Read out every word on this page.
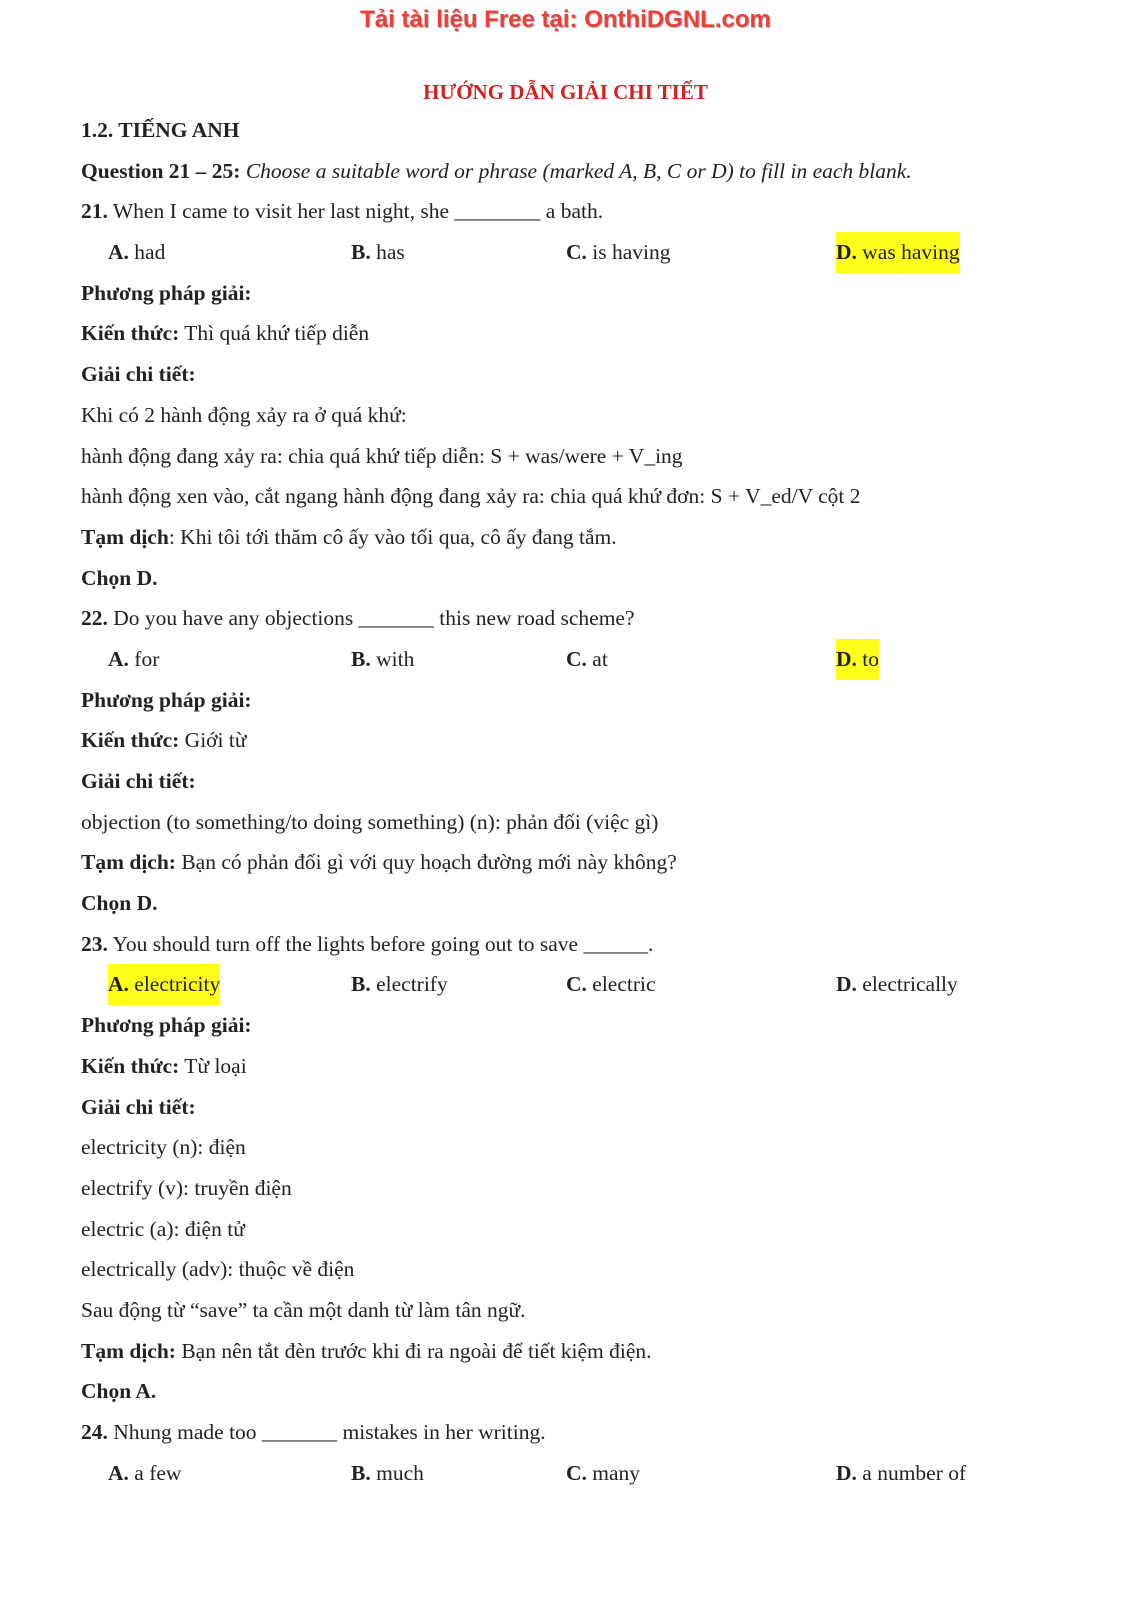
Tải tài liệu Free tại: OnthiDGNL.com
HƯỚNG DẪN GIẢI CHI TIẾT
1.2. TIẾNG ANH
Question 21 – 25: Choose a suitable word or phrase (marked A, B, C or D) to fill in each blank.
21. When I came to visit her last night, she ________ a bath.
A. had	B. has	C. is having	D. was having
Phương pháp giải:
Kiến thức: Thì quá khứ tiếp diễn
Giải chi tiết:
Khi có 2 hành động xảy ra ở quá khứ:
hành động đang xảy ra: chia quá khứ tiếp diễn: S + was/were + V_ing
hành động xen vào, cắt ngang hành động đang xảy ra: chia quá khứ đơn: S + V_ed/V cột 2
Tạm dịch: Khi tôi tới thăm cô ấy vào tối qua, cô ấy đang tắm.
Chọn D.
22. Do you have any objections _______ this new road scheme?
A. for	B. with	C. at	D. to
Phương pháp giải:
Kiến thức: Giới từ
Giải chi tiết:
objection (to something/to doing something) (n): phản đối (việc gì)
Tạm dịch: Bạn có phản đối gì với quy hoạch đường mới này không?
Chọn D.
23. You should turn off the lights before going out to save ______.
A. electricity	B. electrify	C. electric	D. electrically
Phương pháp giải:
Kiến thức: Từ loại
Giải chi tiết:
electricity (n): điện
electrify (v): truyền điện
electric (a): điện tử
electrically (adv): thuộc về điện
Sau động từ “save” ta cần một danh từ làm tân ngữ.
Tạm dịch: Bạn nên tắt đèn trước khi đi ra ngoài để tiết kiệm điện.
Chọn A.
24. Nhung made too _______ mistakes in her writing.
A. a few	B. much	C. many	D. a number of
